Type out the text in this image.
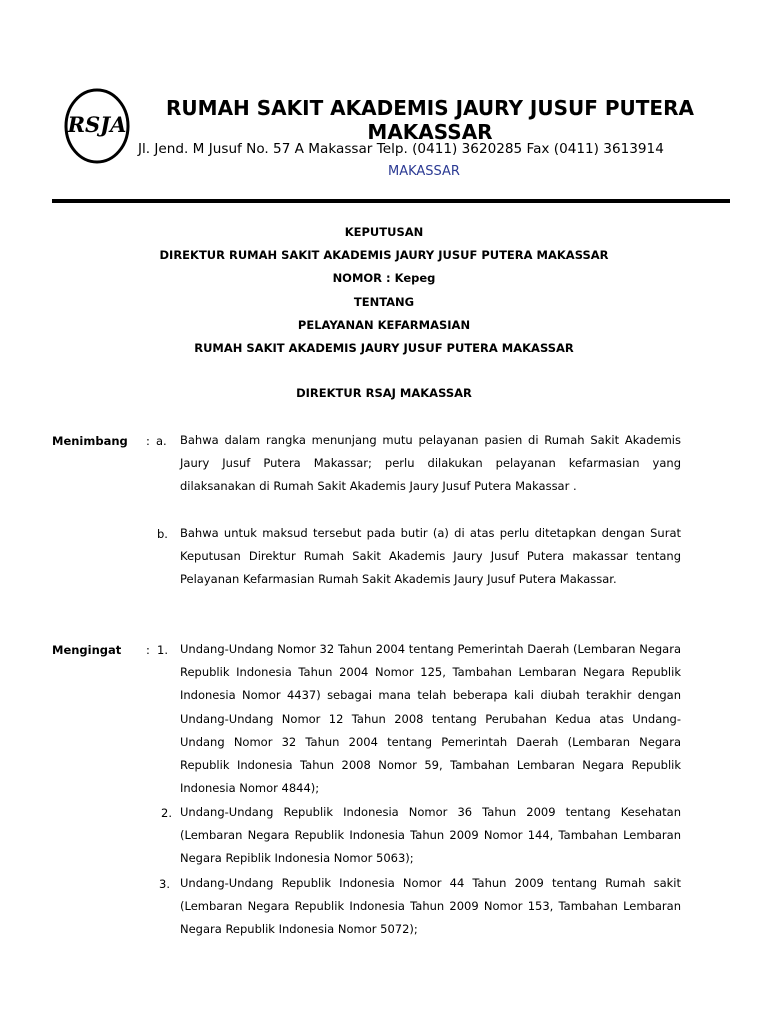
RSJA
RUMAH SAKIT AKADEMIS JAURY JUSUF PUTERA MAKASSAR
Jl. Jend. M Jusuf No. 57 A Makassar Telp. (0411) 3620285 Fax (0411) 3613914
MAKASSAR
KEPUTUSAN
DIREKTUR RUMAH SAKIT AKADEMIS JAURY JUSUF PUTERA MAKASSAR
NOMOR : Kepeg
TENTANG
PELAYANAN KEFARMASIAN
RUMAH SAKIT AKADEMIS JAURY JUSUF PUTERA MAKASSAR
DIREKTUR RSAJ MAKASSAR
Menimbang : a. Bahwa dalam rangka menunjang mutu pelayanan pasien di Rumah Sakit Akademis Jaury Jusuf Putera Makassar; perlu dilakukan pelayanan kefarmasian yang dilaksanakan di Rumah Sakit Akademis Jaury Jusuf Putera Makassar .
b. Bahwa untuk maksud tersebut pada butir (a) di atas perlu ditetapkan dengan Surat Keputusan Direktur Rumah Sakit Akademis Jaury Jusuf Putera makassar tentang Pelayanan Kefarmasian Rumah Sakit Akademis Jaury Jusuf Putera Makassar.
Mengingat : 1. Undang-Undang Nomor 32 Tahun 2004 tentang Pemerintah Daerah (Lembaran Negara Republik Indonesia Tahun 2004 Nomor 125, Tambahan Lembaran Negara Republik Indonesia Nomor 4437) sebagai mana telah beberapa kali diubah terakhir dengan Undang-Undang Nomor 12 Tahun 2008 tentang Perubahan Kedua atas Undang-Undang Nomor 32 Tahun 2004 tentang Pemerintah Daerah (Lembaran Negara Republik Indonesia Tahun 2008 Nomor 59, Tambahan Lembaran Negara Republik Indonesia Nomor 4844);
2. Undang-Undang Republik Indonesia Nomor 36 Tahun 2009 tentang Kesehatan (Lembaran Negara Republik Indonesia Tahun 2009 Nomor 144, Tambahan Lembaran Negara Repiblik Indonesia Nomor 5063);
3. Undang-Undang Republik Indonesia Nomor 44 Tahun 2009 tentang Rumah sakit (Lembaran Negara Republik Indonesia Tahun 2009 Nomor 153, Tambahan Lembaran Negara Republik Indonesia Nomor 5072);
